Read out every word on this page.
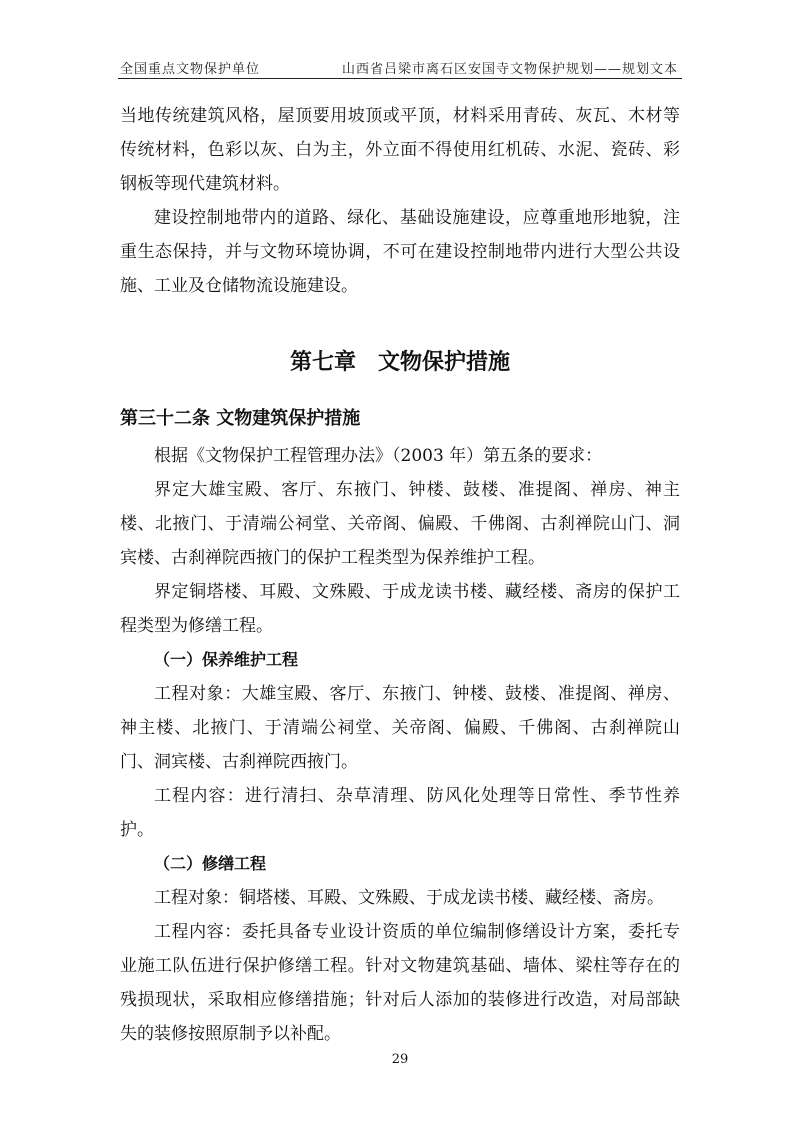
全国重点文物保护单位	山西省吕梁市离石区安国寺文物保护规划——规划文本

当地传统建筑风格，屋顶要用坡顶或平顶，材料采用青砖、灰瓦、木材等传统材料，色彩以灰、白为主，外立面不得使用红机砖、水泥、瓷砖、彩钢板等现代建筑材料。

建设控制地带内的道路、绿化、基础设施建设，应尊重地形地貌，注重生态保持，并与文物环境协调，不可在建设控制地带内进行大型公共设施、工业及仓储物流设施建设。

第七章　文物保护措施
第三十二条 文物建筑保护措施

根据《文物保护工程管理办法》（2003 年）第五条的要求：

界定大雄宝殿、客厅、东掖门、钟楼、鼓楼、准提阁、禅房、神主楼、北掖门、于清端公祠堂、关帝阁、偏殿、千佛阁、古刹禅院山门、洞宾楼、古刹禅院西掖门的保护工程类型为保养维护工程。

界定铜塔楼、耳殿、文殊殿、于成龙读书楼、藏经楼、斋房的保护工程类型为修缮工程。

（一）保养维护工程

工程对象：大雄宝殿、客厅、东掖门、钟楼、鼓楼、准提阁、禅房、神主楼、北掖门、于清端公祠堂、关帝阁、偏殿、千佛阁、古刹禅院山门、洞宾楼、古刹禅院西掖门。

工程内容：进行清扫、杂草清理、防风化处理等日常性、季节性养护。

（二）修缮工程

工程对象：铜塔楼、耳殿、文殊殿、于成龙读书楼、藏经楼、斋房。

工程内容：委托具备专业设计资质的单位编制修缮设计方案，委托专业施工队伍进行保护修缮工程。针对文物建筑基础、墙体、梁柱等存在的残损现状，采取相应修缮措施；针对后人添加的装修进行改造，对局部缺失的装修按照原制予以补配。

29
